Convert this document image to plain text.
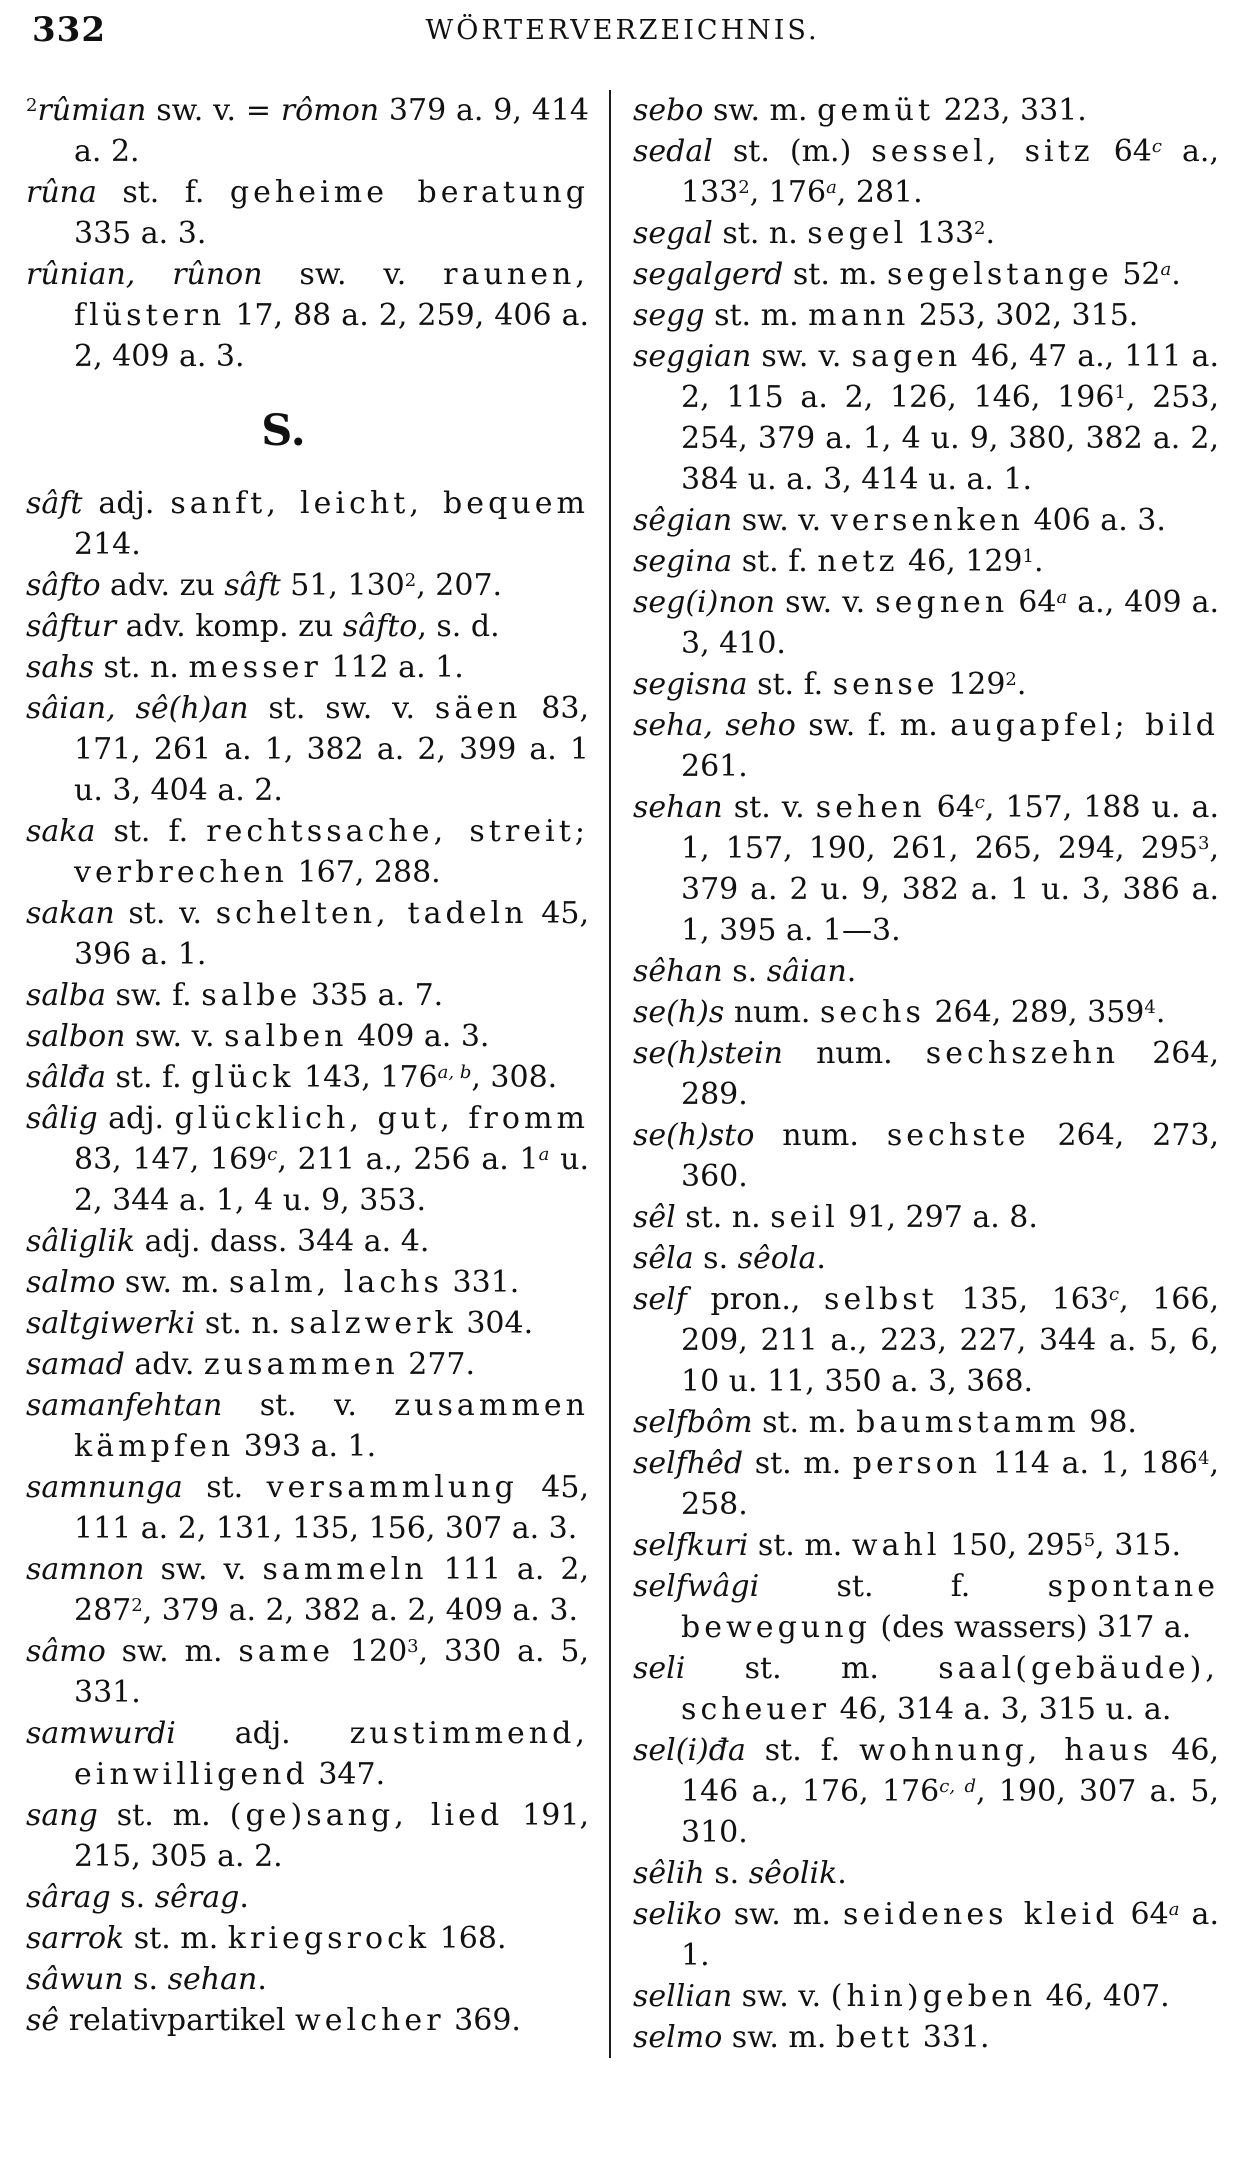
332	WÖRTERVERZEICHNIS.
$^2$rûmian sw. v. = rômon 379 a. 9, 414 a. 2.
rûna st. f. geheime beratung 335 a. 3.
rûnian, rûnon sw. v. raunen, flüstern 17, 88 a. 2, 259, 406 a. 2, 409 a. 3.
S.
sâft adj. sanft, leicht, bequem 214.
sâfto adv. zu sâft 51, $130^2$, 207.
sâftur adv. komp. zu sâfto, s. d.
sahs st. n. messer 112 a. 1.
sâian, sê(h)an st. sw. v. säen 83, 171, 261 a. 1, 382 a. 2, 399 a. 1 u. 3, 404 a. 2.
saka st. f. rechtssache, streit; verbrechen 167, 288.
sakan st. v. schelten, tadeln 45, 396 a. 1.
salba sw. f. salbe 335 a. 7.
salbon sw. v. salben 409 a. 3.
sâlđa st. f. glück 143, 176$^{a, b}$, 308.
sâlig adj. glücklich, gut, fromm 83, 147, 169$^c$, 211 a., 256 a. 1$^a$ u. 2, 344 a. 1, 4 u. 9, 353.
sâliglik adj. dass. 344 a. 4.
salmo sw. m. salm, lachs 331.
saltgiwerki st. n. salzwerk 304.
samad adv. zusammen 277.
samanfehtan st. v. zusammen kämpfen 393 a. 1.
samnunga st. versammlung 45, 111 a. 2, 131, 135, 156, 307 a. 3.
samnon sw. v. sammeln 111 a. 2, $287^2$, 379 a. 2, 382 a. 2, 409 a. 3.
sâmo sw. m. same $120^3$, 330 a. 5, 331.
samwurdi adj. zustimmend, einwilligend 347.
sang st. m. (ge)sang, lied 191, 215, 305 a. 2.
sârag s. sêrag.
sarrok st. m. kriegsrock 168.
sâwun s. sehan.
sê relativpartikel welcher 369.
sebo sw. m. gemüt 223, 331.
sedal st. (m.) sessel, sitz 64$^c$ a., $133^2$, 176$^a$, 281.
segal st. n. segel $133^2$.
segalgerd st. m. segelstange 52$^a$.
segg st. m. mann 253, 302, 315.
seggian sw. v. sagen 46, 47 a., 111 a. 2, 115 a. 2, 126, 146, $196^1$, 253, 254, 379 a. 1, 4 u. 9, 380, 382 a. 2, 384 u. a. 3, 414 u. a. 1.
sêgian sw. v. versenken 406 a. 3.
segina st. f. netz 46, $129^1$.
seg(i)non sw. v. segnen 64$^a$ a., 409 a. 3, 410.
segisna st. f. sense $129^2$.
seha, seho sw. f. m. augapfel; bild 261.
sehan st. v. sehen 64$^c$, 157, 188 u. a. 1, 157, 190, 261, 265, 294, $295^3$, 379 a. 2 u. 9, 382 a. 1 u. 3, 386 a. 1, 395 a. 1—3.
sêhan s. sâian.
se(h)s num. sechs 264, 289, $359^4$.
se(h)stein num. sechszehn 264, 289.
se(h)sto num. sechste 264, 273, 360.
sêl st. n. seil 91, 297 a. 8.
sêla s. sêola.
self pron., selbst 135, 163$^c$, 166, 209, 211 a., 223, 227, 344 a. 5, 6, 10 u. 11, 350 a. 3, 368.
selfbôm st. m. baumstamm 98.
selfhêd st. m. person 114 a. 1, $186^4$, 258.
selfkuri st. m. wahl 150, $295^5$, 315.
selfwâgi st. f. spontane bewegung (des wassers) 317 a.
seli st. m. saal(gebäude), scheuer 46, 314 a. 3, 315 u. a.
sel(i)đa st. f. wohnung, haus 46, 146 a., 176, 176$^{c, d}$, 190, 307 a. 5, 310.
sêlih s. sêolik.
seliko sw. m. seidenes kleid 64$^a$ a. 1.
sellian sw. v. (hin)geben 46, 407.
selmo sw. m. bett 331.
